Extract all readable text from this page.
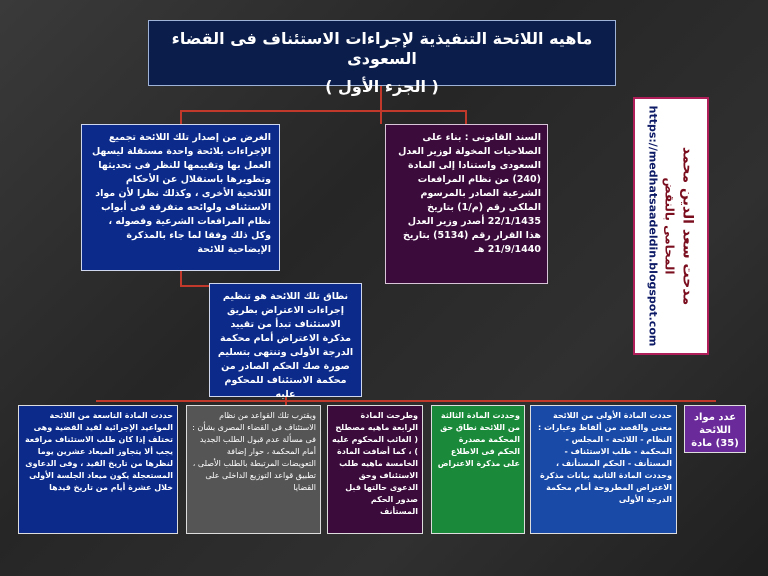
ماهيه اللائحة التنفيذية لإجراءات الاستئناف فى القضاء السعودى
( الجزء الأول )
مدحت سعد الدين محمد
المحامى بالنقض
https://medhatsaadeldin.blogspot.com
الغرض من إصدار تلك اللائحة تجميع الإجراءات بلائحة واحدة مستقلة ليسهل العمل بها وتقييمها للنظر فى تحديثها وتطويرها باستقلال عن الأحكام اللائحية الأخرى ، وكذلك نظرا لأن مواد الاستئناف ولوائحه متفرقة فى أبواب نظام المرافعات الشرعية وفصوله ، وكل ذلك وفقا لما جاء بالمذكرة الإيضاحية للائحة
السند القانونى : بناء على الصلاحيات المخولة لوزير العدل السعودى واستنادا إلى المادة (240) من نظام المرافعات الشرعية الصادر بالمرسوم الملكى رقم (م/1) بتاريخ 22/1/1435 أصدر وزير العدل هذا القرار رقم (5134) بتاريخ 21/9/1440 هـ
نطاق تلك اللائحة هو تنظيم إجراءات الاعتراض بطريق الاستئناف تبدأ من تقييد مذكرة الاعتراض أمام محكمة الدرجة الأولى وتنتهى بتسليم صورة صك الحكم الصادر من محكمة الاستئناف للمحكوم عليه
حددت المادة التاسعة من اللائحة المواعيد الإجرائية لقيد القضية وهى تختلف إذا كان طلب الاستئناف مرافعة يجب ألا يتجاوز الميعاد عشرين يوما لنظرها من تاريخ القيد ، وفى الدعاوى المستعجلة يكون ميعاد الجلسة الأولى خلال عشرة أيام من تاريخ قيدها
ويقترب تلك القواعد من نظام الاستئناف فى القضاء المصرى بشأن : فى مسألة عدم قبول الطلب الجديد أمام المحكمة ، حوار إضافة التعويضات المرتبطة بالطلب الأصلى ، تطبيق قواعد التوزيع الداخلى على القضايا
وطرحت المادة الرابعة ماهيه مصطلح ( الغائب المحكوم عليه ) ، كما أضافت المادة الخامسة ماهيه طلب الاستئناف وحق الدعوى حالتها قبل صدور الحكم المستأنف
وحددت المادة الثالثة من اللائحة نطاق حق المحكمة مصدرة الحكم فى الاطلاع على مذكرة الاعتراض
حددت المادة الأولى من اللائحة معنى والقصد من ألفاظ وعبارات : النظام - اللائحة - المجلس - المحكمة - طلب الاستئناف - المستأنف - الحكم المستأنف ، وحددت المادة الثانية بيانات مذكرة الاعتراض المطروحة أمام محكمة الدرجة الأولى
عدد مواد اللائحة (35) مادة
